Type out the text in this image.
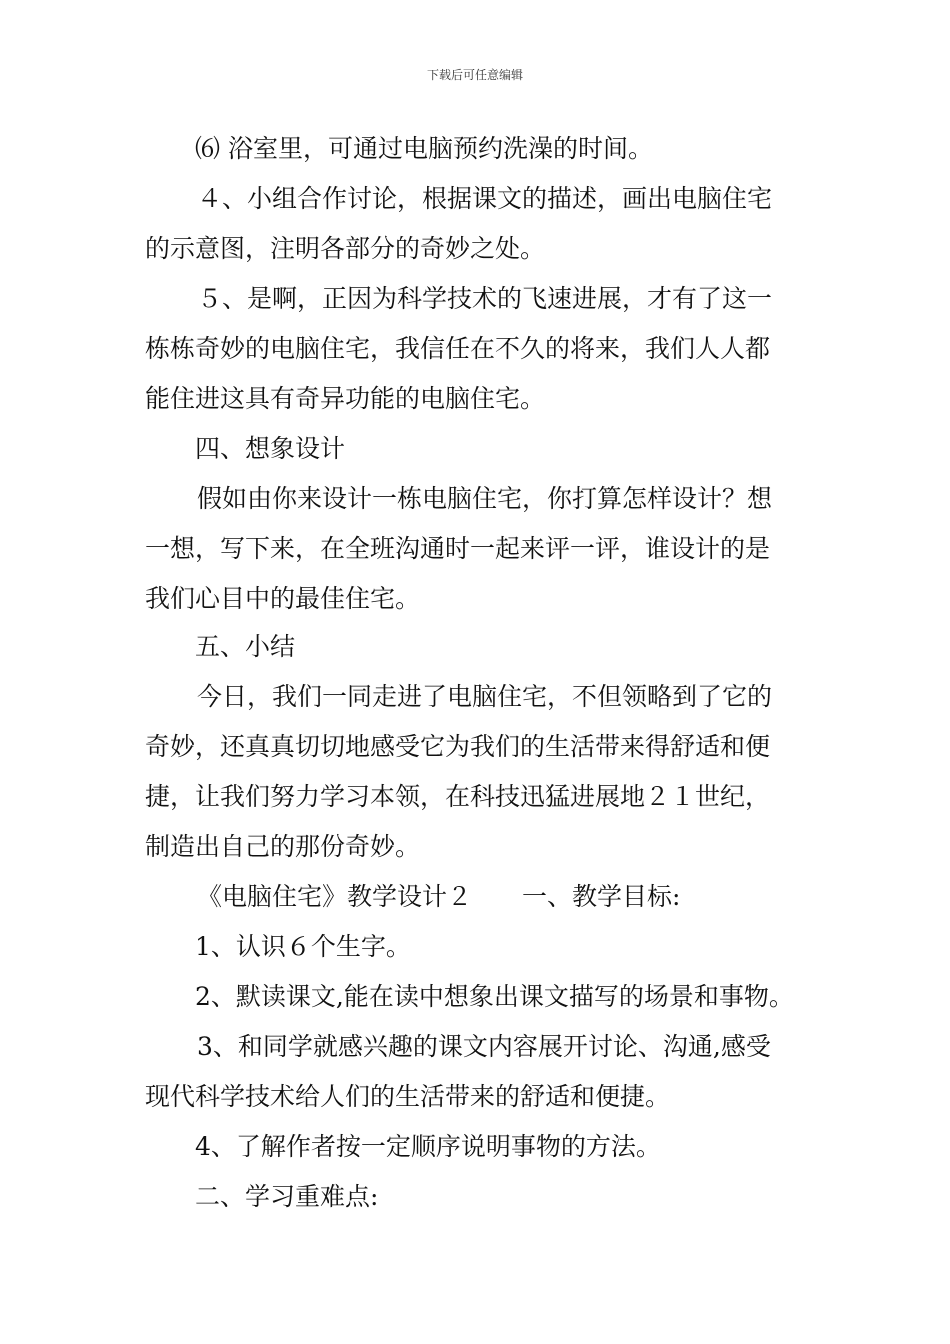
下载后可任意编辑
⑹ 浴室里，可通过电脑预约洗澡的时间。
４、小组合作讨论，根据课文的描述，画出电脑住宅
的示意图，注明各部分的奇妙之处。
５、是啊，正因为科学技术的飞速进展，才有了这一
栋栋奇妙的电脑住宅，我信任在不久的将来，我们人人都
能住进这具有奇异功能的电脑住宅。
四、想象设计
假如由你来设计一栋电脑住宅，你打算怎样设计？想
一想，写下来，在全班沟通时一起来评一评，谁设计的是
我们心目中的最佳住宅。
五、小结
今日，我们一同走进了电脑住宅，不但领略到了它的
奇妙，还真真切切地感受它为我们的生活带来得舒适和便
捷，让我们努力学习本领，在科技迅猛进展地２１世纪，
制造出自己的那份奇妙。
《电脑住宅》教学设计２　　一、教学目标:
1、认识６个生字。
2、默读课文,能在读中想象出课文描写的场景和事物。
3、和同学就感兴趣的课文内容展开讨论、沟通,感受
现代科学技术给人们的生活带来的舒适和便捷。
4、了解作者按一定顺序说明事物的方法。
二、学习重难点:
